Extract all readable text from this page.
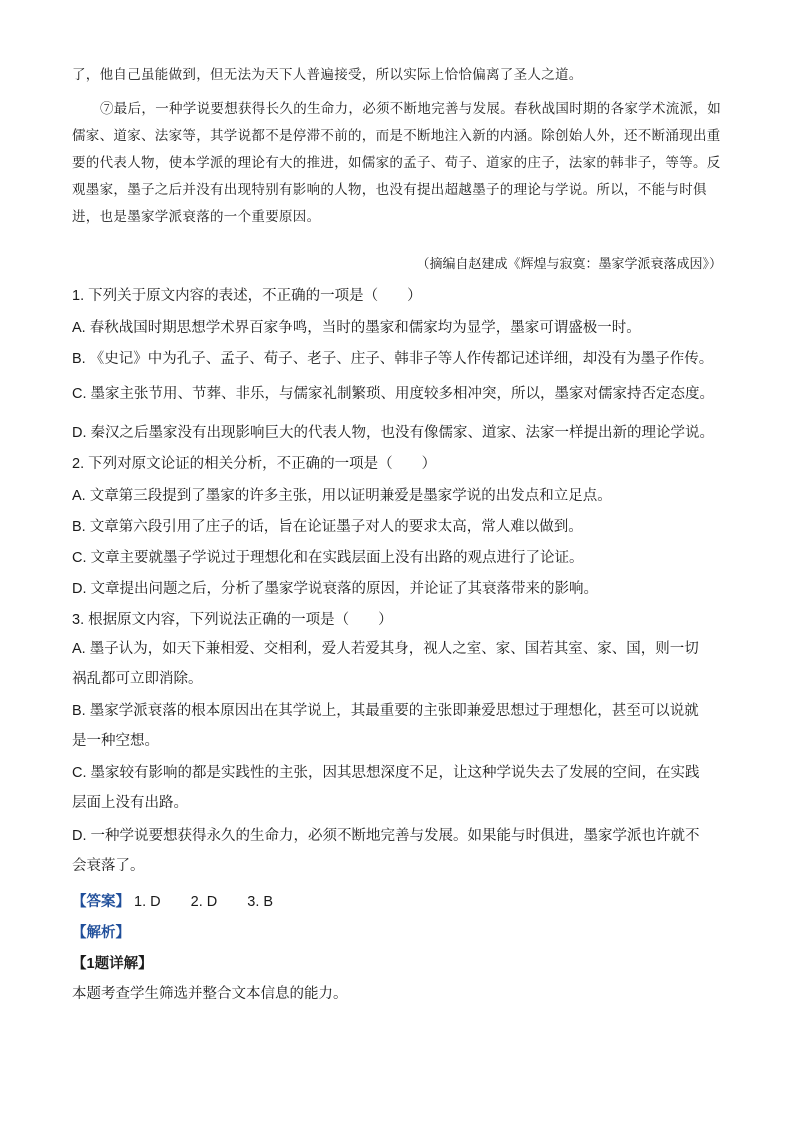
了，他自己虽能做到，但无法为天下人普遍接受，所以实际上恰恰偏离了圣人之道。
⑦最后，一种学说要想获得长久的生命力，必须不断地完善与发展。春秋战国时期的各家学术流派，如儒家、道家、法家等，其学说都不是停滞不前的，而是不断地注入新的内涵。除创始人外，还不断涌现出重要的代表人物，使本学派的理论有大的推进，如儒家的孟子、荀子、道家的庄子，法家的韩非子，等等。反观墨家，墨子之后并没有出现特别有影响的人物，也没有提出超越墨子的理论与学说。所以，不能与时俱进，也是墨家学派衰落的一个重要原因。
（摘编自赵建成《辉煌与寂寞：墨家学派衰落成因》）
1. 下列关于原文内容的表述，不正确的一项是（　　）
A. 春秋战国时期思想学术界百家争鸣，当时的墨家和儒家均为显学，墨家可谓盛极一时。
B. 《史记》中为孔子、孟子、荀子、老子、庄子、韩非子等人作传都记述详细，却没有为墨子作传。
C. 墨家主张节用、节葬、非乐，与儒家礼制繁琐、用度较多相冲突，所以，墨家对儒家持否定态度。
D. 秦汉之后墨家没有出现影响巨大的代表人物，也没有像儒家、道家、法家一样提出新的理论学说。
2. 下列对原文论证的相关分析，不正确的一项是（　　）
A. 文章第三段提到了墨家的许多主张，用以证明兼爱是墨家学说的出发点和立足点。
B. 文章第六段引用了庄子的话，旨在论证墨子对人的要求太高，常人难以做到。
C. 文章主要就墨子学说过于理想化和在实践层面上没有出路的观点进行了论证。
D. 文章提出问题之后，分析了墨家学说衰落的原因，并论证了其衰落带来的影响。
3. 根据原文内容，下列说法正确的一项是（　　）
A. 墨子认为，如天下兼相爱、交相利，爱人若爱其身，视人之室、家、国若其室、家、国，则一切祸乱都可立即消除。
B. 墨家学派衰落的根本原因出在其学说上，其最重要的主张即兼爱思想过于理想化，甚至可以说就是一种空想。
C. 墨家较有影响的都是实践性的主张，因其思想深度不足，让这种学说失去了发展的空间，在实践层面上没有出路。
D. 一种学说要想获得永久的生命力，必须不断地完善与发展。如果能与时俱进，墨家学派也许就不会衰落了。
【答案】 1. D 2. D 3. B
【解析】
【1题详解】
本题考查学生筛选并整合文本信息的能力。
